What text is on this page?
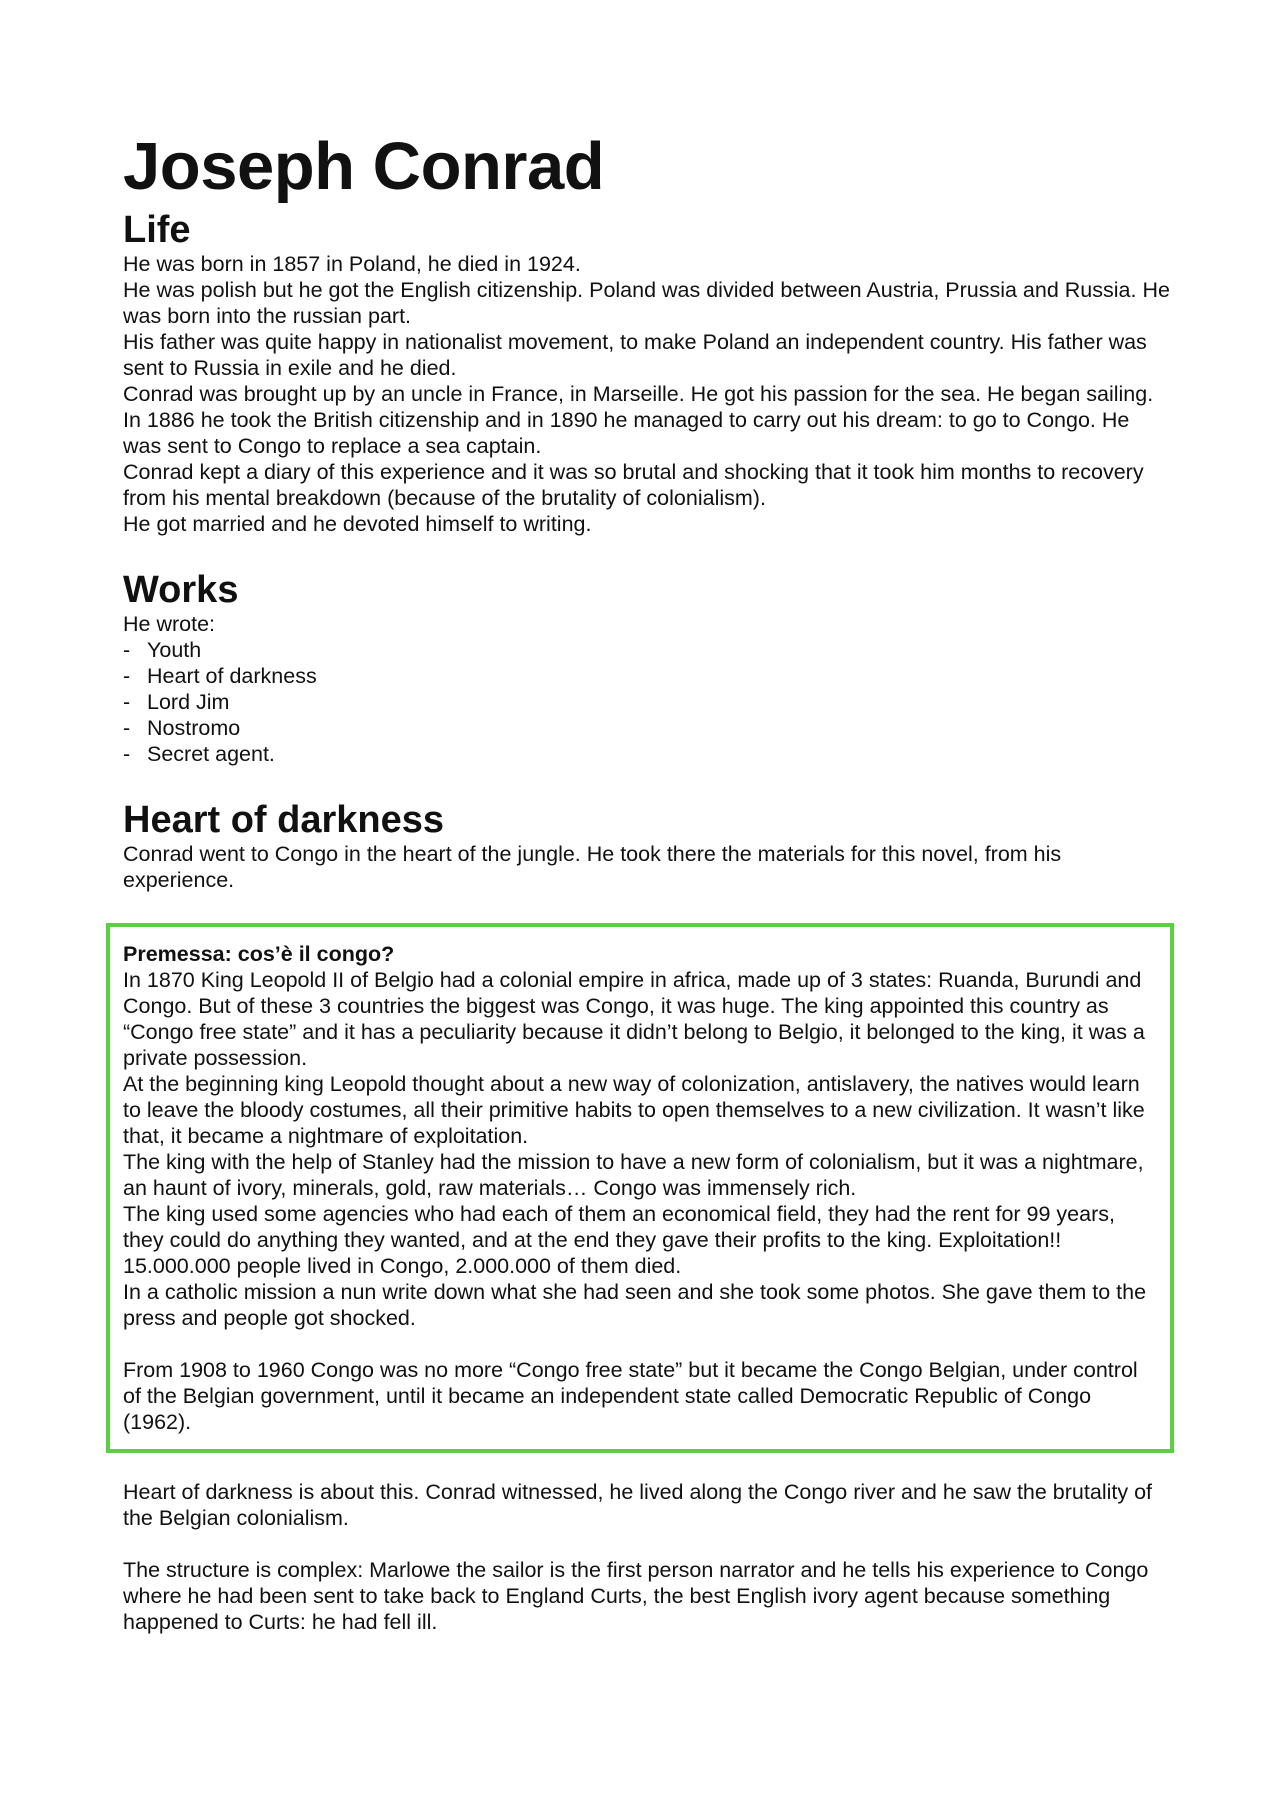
Joseph Conrad
Life

He was born in 1857 in Poland, he died in 1924.

He was polish but he got the English citizenship. Poland was divided between Austria, Prussia and Russia. He was born into the russian part.

His father was quite happy in nationalist movement, to make Poland an independent country. His father was sent to Russia in exile and he died.

Conrad was brought up by an uncle in France, in Marseille. He got his passion for the sea. He began sailing.

In 1886 he took the British citizenship and in 1890 he managed to carry out his dream: to go to Congo. He was sent to Congo to replace a sea captain.

Conrad kept a diary of this experience and it was so brutal and shocking that it took him months to recovery from his mental breakdown (because of the brutality of colonialism).

He got married and he devoted himself to writing.

Works

He wrote:

- Youth
- Heart of darkness
- Lord Jim
- Nostromo
- Secret agent.
Heart of darkness

Conrad went to Congo in the heart of the jungle. He took there the materials for this novel, from his experience.

Premessa: cos’è il congo?

In 1870 King Leopold II of Belgio had a colonial empire in africa, made up of 3 states: Ruanda, Burundi and Congo. But of these 3 countries the biggest was Congo, it was huge. The king appointed this country as “Congo free state” and it has a peculiarity because it didn’t belong to Belgio, it belonged to the king, it was a private possession.

At the beginning king Leopold thought about a new way of colonization, antislavery, the natives would learn to leave the bloody costumes, all their primitive habits to open themselves to a new civilization. It wasn’t like that, it became a nightmare of exploitation.

The king with the help of Stanley had the mission to have a new form of colonialism, but it was a nightmare, an haunt of ivory, minerals, gold, raw materials… Congo was immensely rich.

The king used some agencies who had each of them an economical field, they had the rent for 99 years, they could do anything they wanted, and at the end they gave their profits to the king. Exploitation!!

15.000.000 people lived in Congo, 2.000.000 of them died.

In a catholic mission a nun write down what she had seen and she took some photos. She gave them to the press and people got shocked.

From 1908 to 1960 Congo was no more “Congo free state” but it became the Congo Belgian, under control of the Belgian government, until it became an independent state called Democratic Republic of Congo (1962).

Heart of darkness is about this. Conrad witnessed, he lived along the Congo river and he saw the brutality of the Belgian colonialism.

The structure is complex: Marlowe the sailor is the first person narrator and he tells his experience to Congo where he had been sent to take back to England Curts, the best English ivory agent because something happened to Curts: he had fell ill.
